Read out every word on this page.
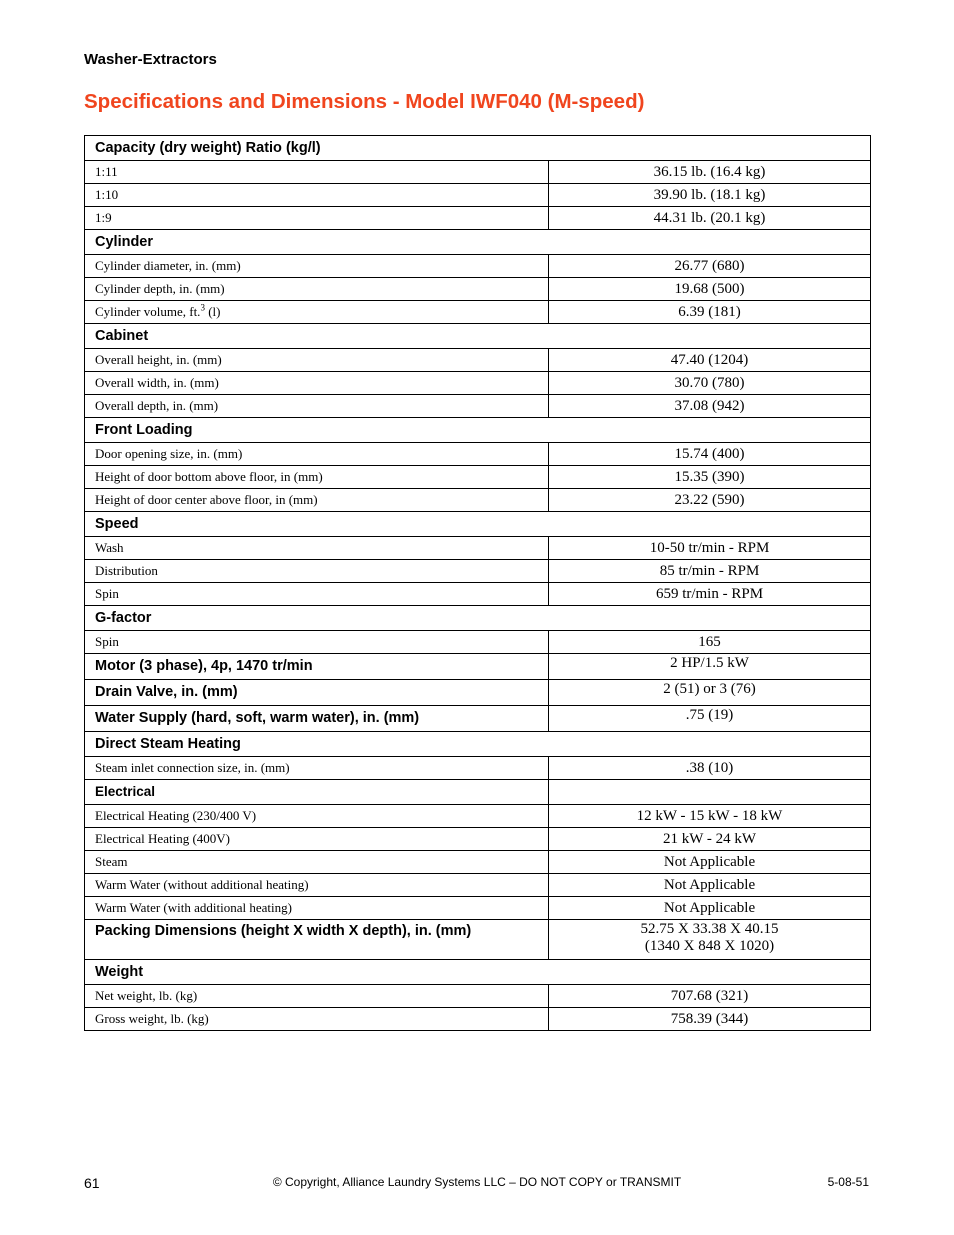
Washer-Extractors
Specifications and Dimensions - Model IWF040 (M-speed)
Capacity (dry weight) Ratio (kg/l)	
1:11	36.15 lb. (16.4 kg)
1:10	39.90 lb. (18.1 kg)
1:9	44.31 lb. (20.1 kg)
Cylinder	
Cylinder diameter, in. (mm)	26.77 (680)
Cylinder depth, in. (mm)	19.68 (500)
Cylinder volume, ft.$^3$ (l)	6.39 (181)
Cabinet	
Overall height, in. (mm)	47.40 (1204)
Overall width, in. (mm)	30.70 (780)
Overall depth, in. (mm)	37.08 (942)
Front Loading	
Door opening size, in. (mm)	15.74 (400)
Height of door bottom above floor, in (mm)	15.35 (390)
Height of door center above floor, in (mm)	23.22 (590)
Speed	
Wash	10-50 tr/min - RPM
Distribution	85 tr/min - RPM
Spin	659 tr/min - RPM
G-factor	
Spin	165
Motor (3 phase), 4p, 1470 tr/min	2 HP/1.5 kW
Drain Valve, in. (mm)	2 (51) or 3 (76)
Water Supply (hard, soft, warm water), in. (mm)	.75 (19)
Direct Steam Heating	
Steam inlet connection size, in. (mm)	.38 (10)
Electrical	
Electrical Heating (230/400 V)	12 kW - 15 kW - 18 kW
Electrical Heating (400V)	21 kW - 24 kW
Steam	Not Applicable
Warm Water (without additional heating)	Not Applicable
Warm Water (with additional heating)	Not Applicable
Packing Dimensions (height X width X depth), in. (mm)	52.75 X 33.38 X 40.15
(1340 X 848 X 1020)

Weight	
Net weight, lb. (kg)	707.68 (321)
Gross weight, lb. (kg)	758.39 (344)
61	© Copyright, Alliance Laundry Systems LLC – DO NOT COPY or TRANSMIT	5-08-51
